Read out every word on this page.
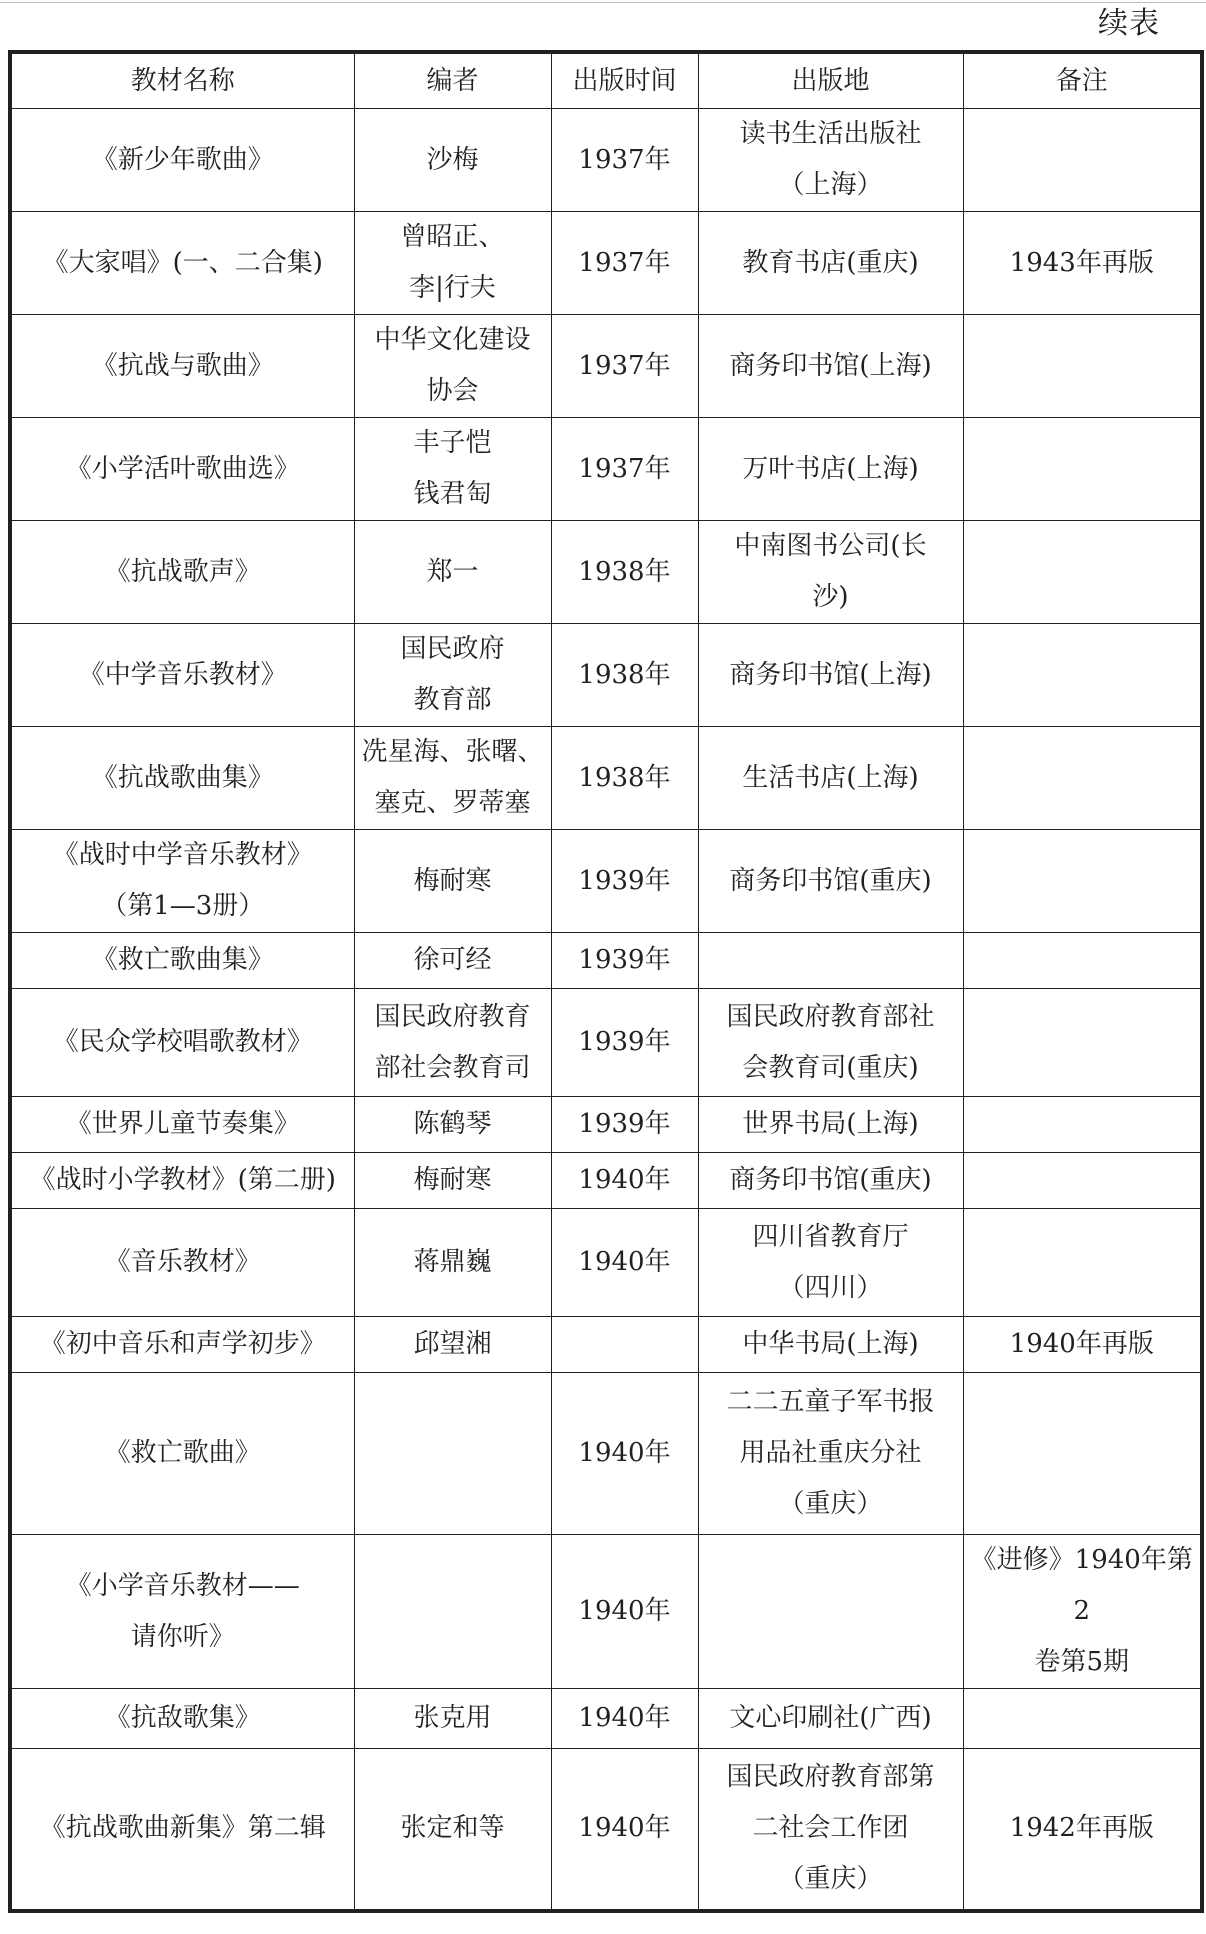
续表
教材名称	编者	出版时间	出版地	备注
《新少年歌曲》	沙梅	1937年	读书生活出版社
（上海）	
《大家唱》(一、二合集)	曾昭正、
李|行夫	1937年	教育书店(重庆)	1943年再版
《抗战与歌曲》	中华文化建设
协会	1937年	商务印书馆(上海)	
《小学活叶歌曲选》	丰子恺
钱君匋	1937年	万叶书店(上海)	
《抗战歌声》	郑一	1938年	中南图书公司(长
沙)	
《中学音乐教材》	国民政府
教育部	1938年	商务印书馆(上海)	
《抗战歌曲集》	冼星海、张曙、
塞克、罗蒂塞	1938年	生活书店(上海)	
《战时中学音乐教材》
（第1—3册）	梅耐寒	1939年	商务印书馆(重庆)	
《救亡歌曲集》	徐可经	1939年		
《民众学校唱歌教材》	国民政府教育
部社会教育司	1939年	国民政府教育部社
会教育司(重庆)	
《世界儿童节奏集》	陈鹤琴	1939年	世界书局(上海)	
《战时小学教材》(第二册)	梅耐寒	1940年	商务印书馆(重庆)	
《音乐教材》	蒋鼎巍	1940年	四川省教育厅
（四川）	
《初中音乐和声学初步》	邱望湘		中华书局(上海)	1940年再版
《救亡歌曲》		1940年	二二五童子军书报
用品社重庆分社
（重庆）	
《小学音乐教材——
请你听》		1940年		《进修》1940年第2
卷第5期
《抗敌歌集》	张克用	1940年	文心印刷社(广西)	
《抗战歌曲新集》第二辑	张定和等	1940年	国民政府教育部第
二社会工作团
（重庆）	1942年再版
